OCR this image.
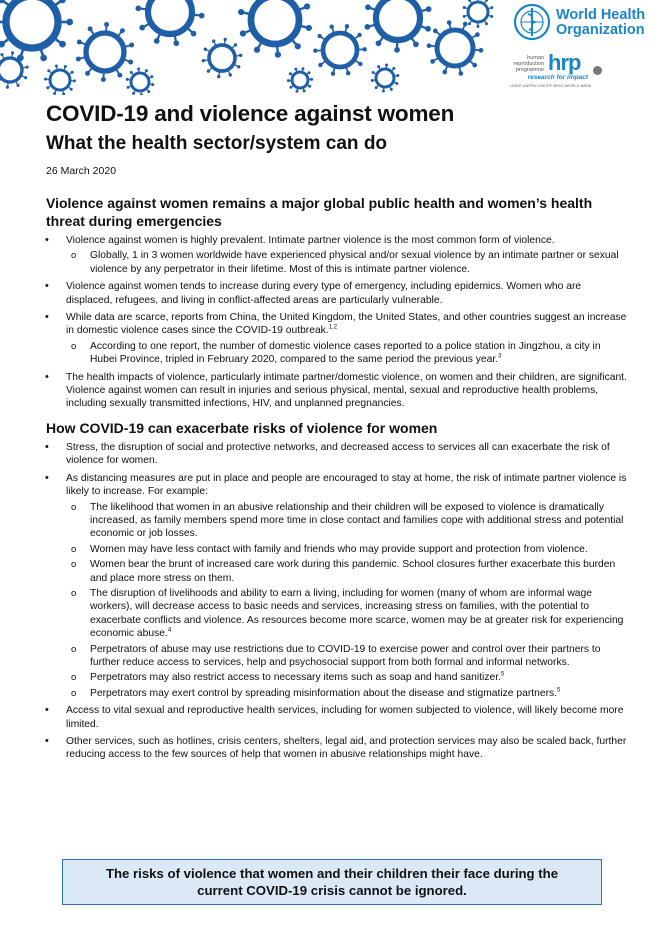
World Health
Organization
human
reproduction
programme hrp
research for impact
UNDP·UNFPA·UNICEF·WHO·WORLD BANK
COVID-19 and violence against women
What the health sector/system can do
26 March 2020
Violence against women remains a major global public health and women’s health threat during emergencies
• Violence against women is highly prevalent. Intimate partner violence is the most common form of violence.
o Globally, 1 in 3 women worldwide have experienced physical and/or sexual violence by an intimate partner or sexual violence by any perpetrator in their lifetime. Most of this is intimate partner violence.
• Violence against women tends to increase during every type of emergency, including epidemics. Women who are displaced, refugees, and living in conflict-affected areas are particularly vulnerable.
• While data are scarce, reports from China, the United Kingdom, the United States, and other countries suggest an increase in domestic violence cases since the COVID-19 outbreak.$^{1,2}$
o According to one report, the number of domestic violence cases reported to a police station in Jingzhou, a city in Hubei Province, tripled in February 2020, compared to the same period the previous year.$^3$
• The health impacts of violence, particularly intimate partner/domestic violence, on women and their children, are significant. Violence against women can result in injuries and serious physical, mental, sexual and reproductive health problems, including sexually transmitted infections, HIV, and unplanned pregnancies.
How COVID-19 can exacerbate risks of violence for women
• Stress, the disruption of social and protective networks, and decreased access to services all can exacerbate the risk of violence for women.
• As distancing measures are put in place and people are encouraged to stay at home, the risk of intimate partner violence is likely to increase. For example:
o The likelihood that women in an abusive relationship and their children will be exposed to violence is dramatically increased, as family members spend more time in close contact and families cope with additional stress and potential economic or job losses.
o Women may have less contact with family and friends who may provide support and protection from violence.
o Women bear the brunt of increased care work during this pandemic. School closures further exacerbate this burden and place more stress on them.
o The disruption of livelihoods and ability to earn a living, including for women (many of whom are informal wage workers), will decrease access to basic needs and services, increasing stress on families, with the potential to exacerbate conflicts and violence. As resources become more scarce, women may be at greater risk for experiencing economic abuse.$^4$
o Perpetrators of abuse may use restrictions due to COVID-19 to exercise power and control over their partners to further reduce access to services, help and psychosocial support from both formal and informal networks.
o Perpetrators may also restrict access to necessary items such as soap and hand sanitizer.$^5$
o Perpetrators may exert control by spreading misinformation about the disease and stigmatize partners.$^5$
• Access to vital sexual and reproductive health services, including for women subjected to violence, will likely become more limited.
• Other services, such as hotlines, crisis centers, shelters, legal aid, and protection services may also be scaled back, further reducing access to the few sources of help that women in abusive relationships might have.
The risks of violence that women and their children their face during the
current COVID-19 crisis cannot be ignored.
